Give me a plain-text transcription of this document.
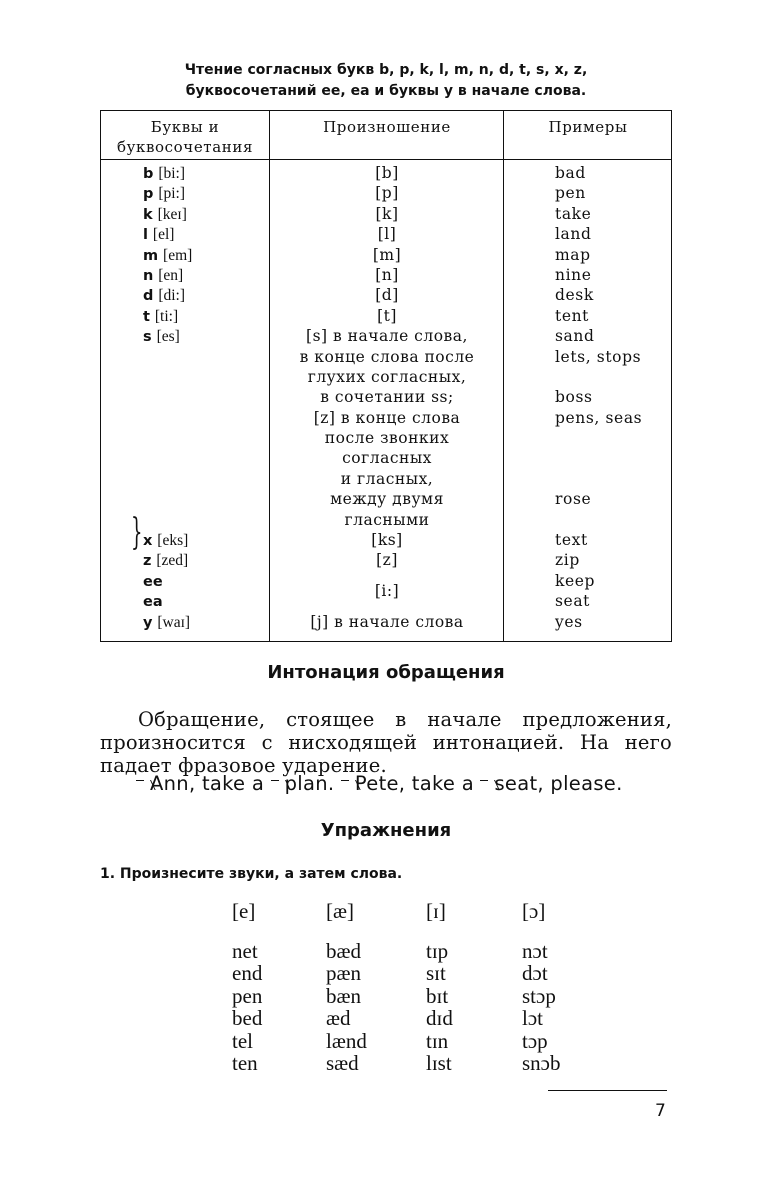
Чтение согласных букв b, p, k, l, m, n, d, t, s, x, z,
буквосочетаний ee, ea и буквы y в начале слова.
Буквы и
буквосочетания
Произношение	Примеры
b [bi:]
p [pi:]
k [keɪ]
l [el]
m [em]
n [en]
d [di:]
t [ti:]
s [es]
x [eks]
z [zed]
ee
ea
y [waɪ]
[b]
[p]
[k]
[l]
[m]
[n]
[d]
[t]
[s] в начале слова,
в конце слова после
глухих согласных,
в сочетании ss;
[z] в конце слова
после звонких
согласных
и гласных,
между двумя
гласными
[ks]
[z]
[i:]
[j] в начале слова
bad
pen
take
land
map
nine
desk
tent
sand
lets, stops
boss
pens, seas
rose
text
zip
keep
seat
yes
}
Интонация обращения
Обращение, стоящее в начале предложения, произносится с нисходящей интонацией. На него падает фразовое ударение.
Ann, take a plan. Pete, take a seat, please.
Упражнения
1. Произнесите звуки, а затем слова.
[e]
net
end
pen
bed
tel
ten
[æ]
bæd
pæn
bæn
æd
lænd
sæd
[ɪ]
tɪp
sɪt
bɪt
dɪd
tɪn
lɪst
[ɔ]
nɔt
dɔt
stɔp
lɔt
tɔp
snɔb
7
